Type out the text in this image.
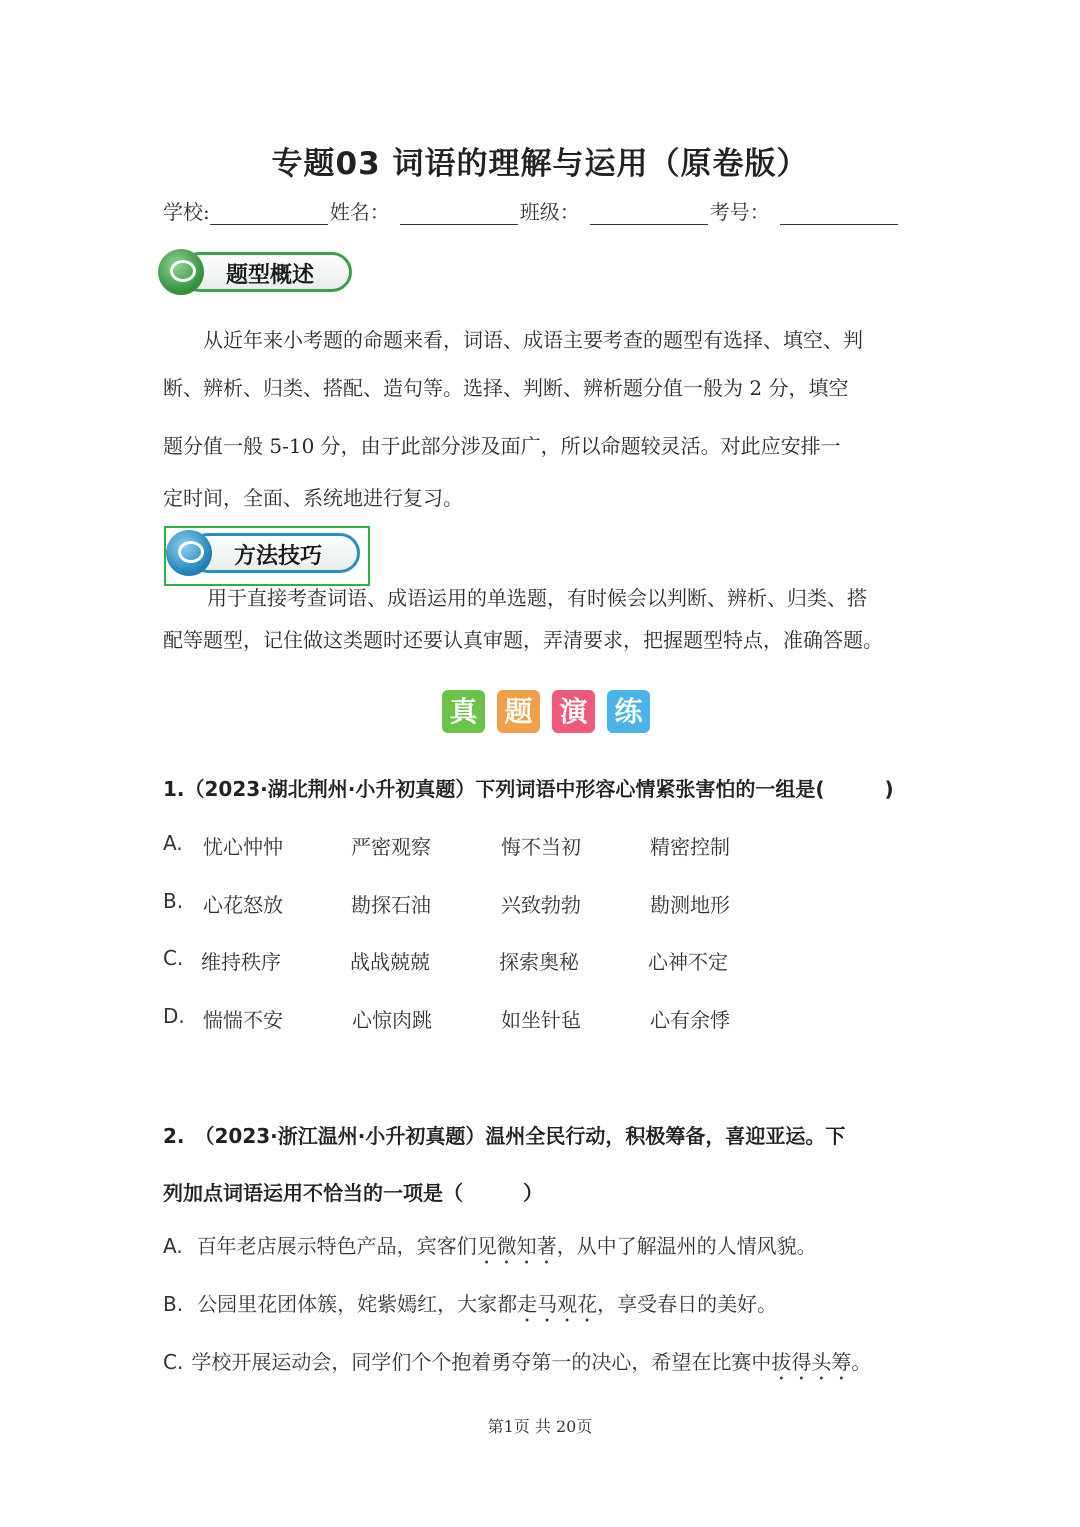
专题03 词语的理解与运用（原卷版）
学校:	姓名：	班级：	考号：
题型概述
从近年来小考题的命题来看，词语、成语主要考查的题型有选择、填空、判
断、辨析、归类、搭配、造句等。选择、判断、辨析题分值一般为 2 分，填空
题分值一般 5-10 分，由于此部分涉及面广，所以命题较灵活。对此应安排一
定时间，全面、系统地进行复习。
方法技巧
用于直接考查词语、成语运用的单选题，有时候会以判断、辨析、归类、搭
配等题型，记住做这类题时还要认真审题，弄清要求，把握题型特点，准确答题。
真 题 演 练
1.（2023·湖北荆州·小升初真题）下列词语中形容心情紧张害怕的一组是(　　　)
A. 忧心忡忡	严密观察	悔不当初	精密控制
B. 心花怒放	勘探石油	兴致勃勃	勘测地形
C. 维持秩序	战战兢兢	探索奥秘	心神不定
D. 惴惴不安	心惊肉跳	如坐针毡	心有余悸
2.　（2023·浙江温州·小升初真题）温州全民行动，积极筹备，喜迎亚运。下
列加点词语运用不恰当的一项是（　　　）
A. 百年老店展示特色产品，宾客们见微知著，从中了解温州的人情风貌。
B. 公园里花团体簇，姹紫嫣红，大家都走马观花，享受春日的美好。
C. 学校开展运动会，同学们个个抱着勇夺第一的决心，希望在比赛中拔得头筹。
第1页 共 20页
